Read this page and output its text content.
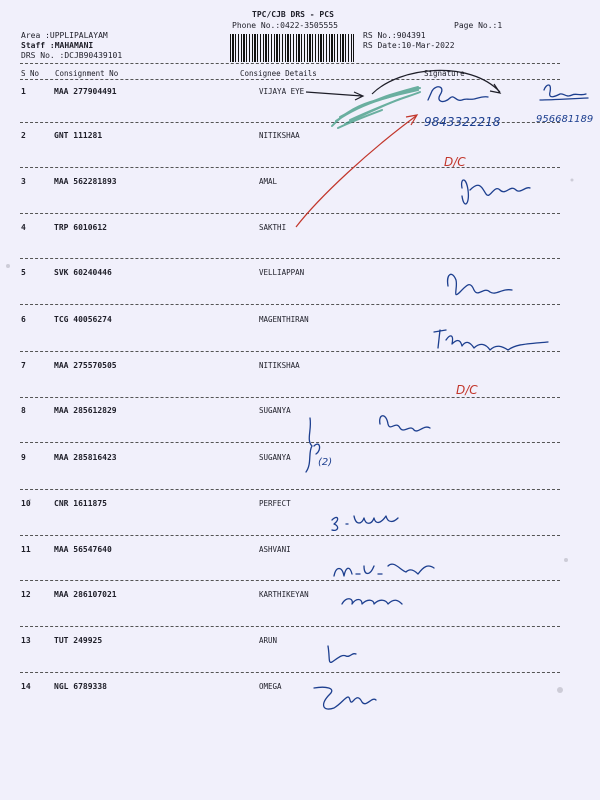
TPC/CJB DRS - PCS
Phone No.:0422-3505555	Page No.:1
Area :UPPLIPALAYAM
Staff :MAHAMANI
DRS No. :DCJB90439101
RS No.:904391
RS Date:10-Mar-2022
S No Consignment No	Consignee Details	Signature
1	MAA 277904491	VIJAYA EYE
2	GNT 111281	NITIKSHAA
3	MAA 562281893	AMAL
4	TRP 6010612	SAKTHI
5	SVK 60240446	VELLIAPPAN
6	TCG 40056274	MAGENTHIRAN
7	MAA 275570505	NITIKSHAA
8	MAA 285612829	SUGANYA
9	MAA 285816423	SUGANYA
10	CNR 1611875	PERFECT
11	MAA 56547640	ASHVANI
12	MAA 286107021	KARTHIKEYAN
13	TUT 249925	ARUN
14	NGL 6789338	OMEGA
9843322218	956681189
D/C
D/C
(2)
